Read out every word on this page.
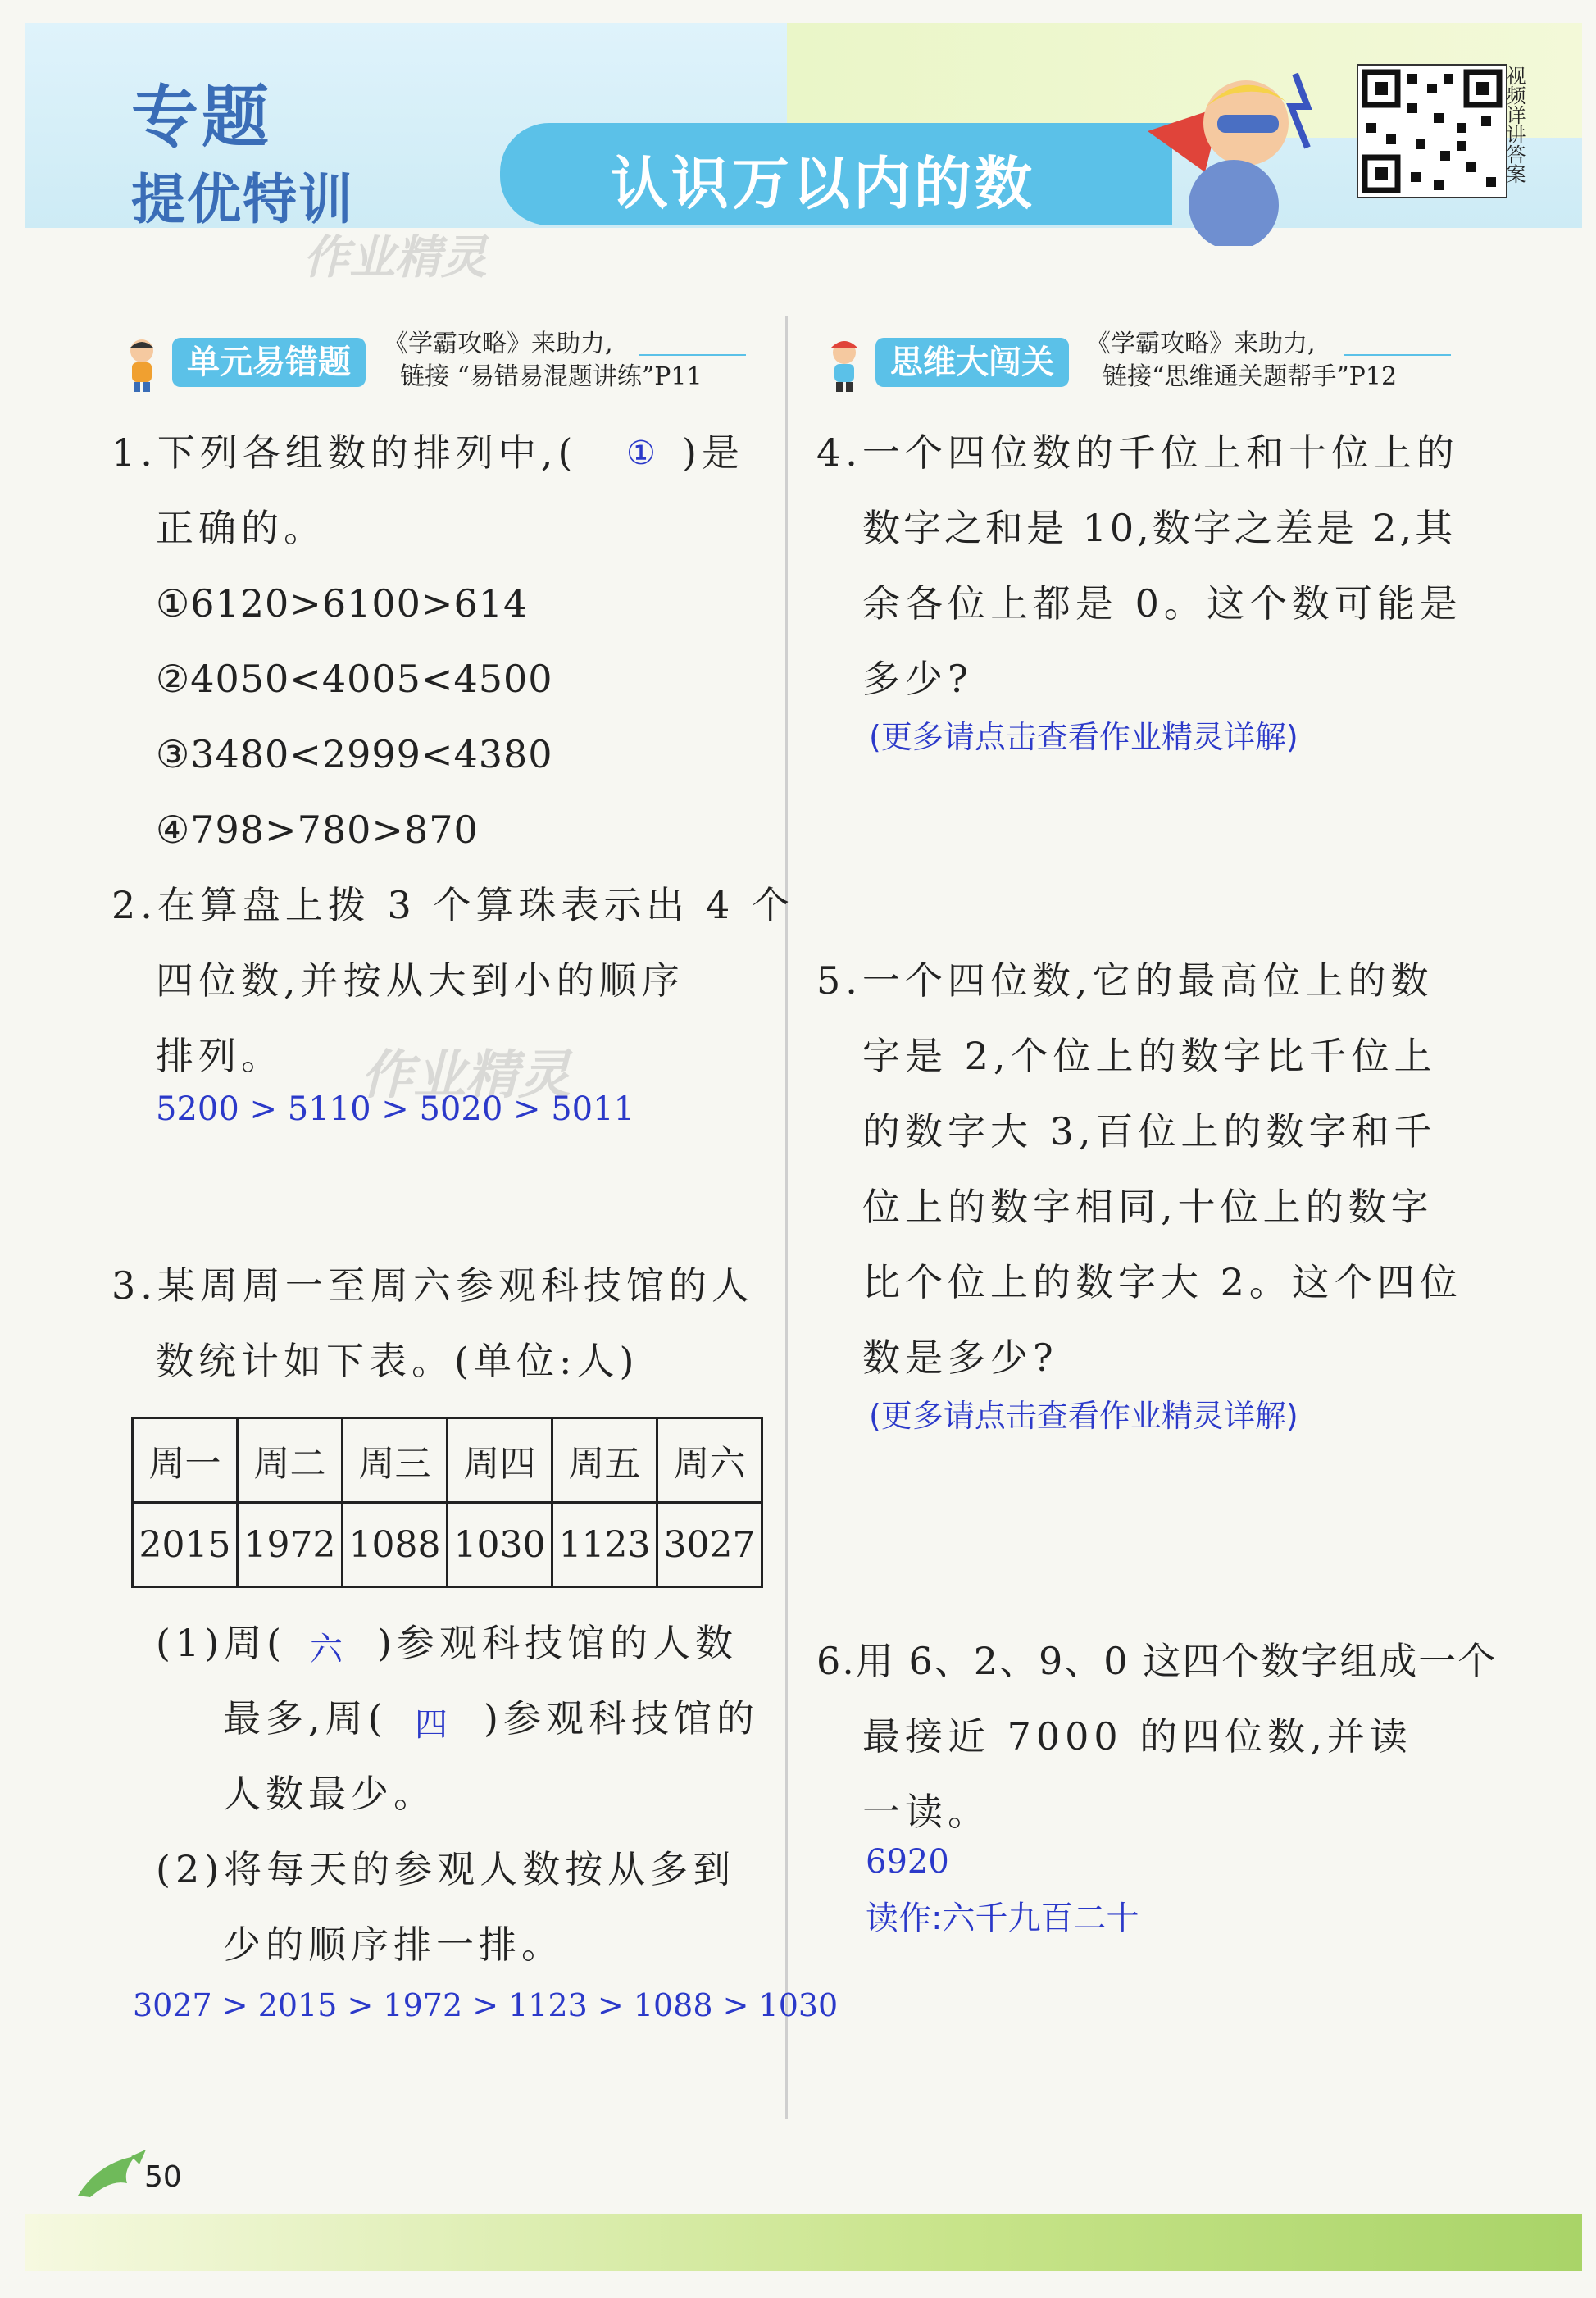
专题
提优特训
作业精灵
认识万以内的数	视频详讲答案
单元易错题	《学霸攻略》来助力,
链接 “易错易混题讲练”P11	思维大闯关	《学霸攻略》来助力,
链接“思维通关题帮手”P12
1.下列各组数的排列中,( ① )是
正确的。
①6120>6100>614
②4050<4005<4500
③3480<2999<4380
④798>780>870
2.在算盘上拨 3 个算珠表示出 4 个
四位数,并按从大到小的顺序
排列。 作业精灵
5200 > 5110 > 5020 > 5011
3.某周周一至周六参观科技馆的人
数统计如下表。(单位:人)
周一	周二	周三	周四	周五	周六
2015	1972	1088	1030	1123	3027
(1)周( 六 )参观科技馆的人数
最多,周( 四 )参观科技馆的
人数最少。
(2)将每天的参观人数按从多到
少的顺序排一排。
3027 > 2015 > 1972 > 1123 > 1088 > 1030
4.一个四位数的千位上和十位上的
数字之和是 10,数字之差是 2,其
余各位上都是 0。这个数可能是
多少?
(更多请点击查看作业精灵详解)
5.一个四位数,它的最高位上的数
字是 2,个位上的数字比千位上
的数字大 3,百位上的数字和千
位上的数字相同,十位上的数字
比个位上的数字大 2。这个四位
数是多少?
(更多请点击查看作业精灵详解)
6.用 6、2、9、0 这四个数字组成一个
最接近 7000 的四位数,并读
一读。
6920
读作:六千九百二十
50
